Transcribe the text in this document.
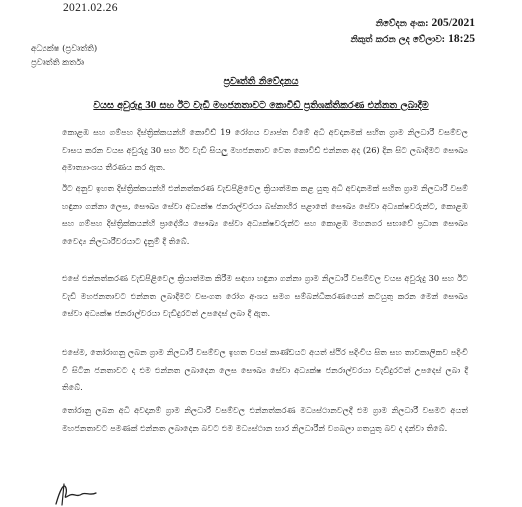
2021.02.26
නිවේදන අංක: 205/2021
නිකුත් කරන ලද වේලාව: 18:25
අධ්‍යක්ෂ (ප්‍රවෘත්ති)
ප්‍රවෘත්ති කර්තෘ
ප්‍රවෘත්ති නිවේදනය
වයස අවුරුදු 30 සහ ඊට වැඩි මහජනතාවට කොවිඩ් ප්‍රතිශක්තිකරණ එන්නත ලබාදීම

කොළඹ සහ ගම්පහ දිස්ත්‍රික්කයන්හි කොවිඩ් 19 රෝගය ව්‍යාප්ත වීමේ අධි අවදානමක් සහිත ග්‍රාම නිලධාරී වසම්වල වාසය කරන වයස අවුරුදු 30 සහ ඊට වැඩි සියලු මහජනතාව වෙත කොවිඩ් එන්නත අද (26) දින සිට ලබාදීමට සෞඛ්‍ය අමාත්‍යාංශය තීරණය කර ඇත.

ඊට අනුව ඉහත දිස්ත්‍රික්කයන්හි එන්නත්කරණ වැඩපිළිවෙල ක්‍රියාත්මක කළ යුතු අධි අවදානමක් සහිත ග්‍රාම නිලධාරී වසම් හඳුනා ගන්නා ලෙස, සෞඛ්‍ය සේවා අධ්‍යක්ෂ ජනරාල්වරයා බස්නාහිර පළාතේ සෞඛ්‍ය සේවා අධ්‍යක්ෂවරුන්ට, කොළඹ සහ ගම්පහ දිස්ත්‍රික්කයන්හි ප්‍රාදේශීය සෞඛ්‍ය සේවා අධ්‍යක්ෂවරුන්ට සහ කොළඹ මහනගර සභාවේ ප්‍රධාන සෞඛ්‍ය වෛද්‍ය නිලධාරීවරයාට දැනුම් දී තිබේ.

එසේ එන්නත්කරණ වැඩපිළිවෙල ක්‍රියාත්මක කිරීම සඳහා හඳුනා ගන්නා ග්‍රාම නිලධාරී වසම්වල වයස අවුරුදු 30 සහ ඊට වැඩි මහජනතාවට එන්නත ලබාදීමට වසංගත රෝග අංශය සමග සම්බන්ධීකරණයෙන් කටයුතු කරන මෙන් සෞඛ්‍ය සේවා අධ්‍යක්ෂ ජනරාල්වරයා වැඩිදුරටත් උපදෙස් ලබා දී ඇත.

එසේම, තෝරාගනු ලබන ග්‍රාම නිලධාරී වසම්වල ඉහත වයස් කාණ්ඩයට අයත් ස්ථිර පදිංචිය සිත සහ තාවකාලිකව පදිංචි වී සිටින ජනතාවට ද එම එන්නත ලබාදෙන ලෙස සෞඛ්‍ය සේවා අධ්‍යක්ෂ ජනරාල්වරයා වැඩිදුරටත් උපදෙස් ලබා දී තිබේ.

තෝරානු ලබන අධි අවදානම් ග්‍රාම නිලධාරී වසම්වල එන්නත්කරණ මධ්‍යස්ථානවලදී එම ග්‍රාම නිලධාරී වසමට අයත් මහජනතාවට පමණක් එන්නත ලබාදෙන බවට එම මධ්‍යස්ථාන භාර නිලධාරීන් වගබලා ගතයුතු බව ද දන්වා තිබේ.
